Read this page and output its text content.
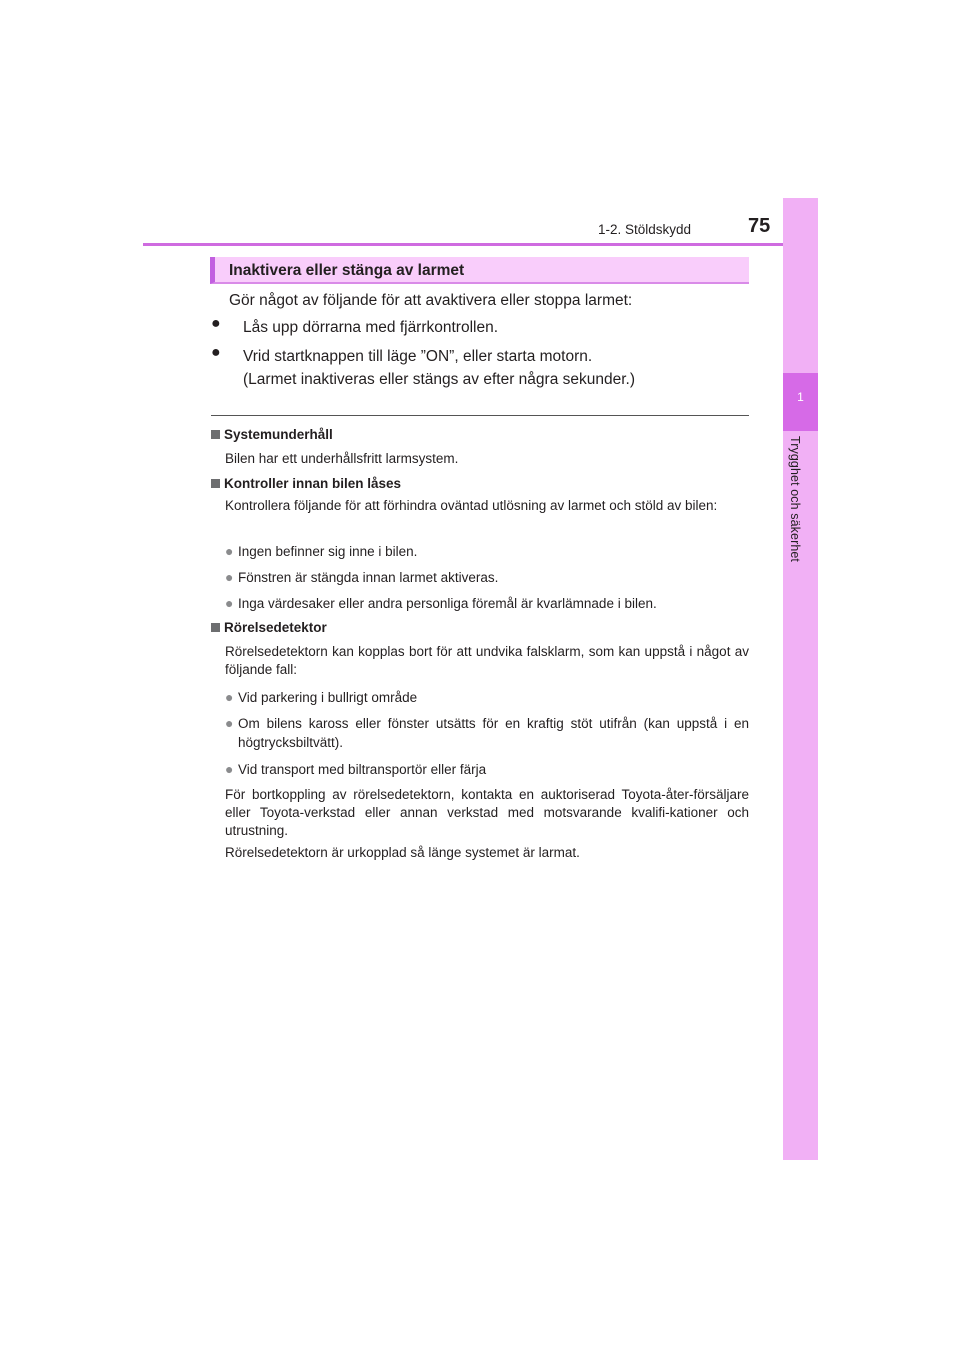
1-2. Stöldskydd	75
1
Trygghet och säkerhet
Inaktivera eller stänga av larmet
Gör något av följande för att avaktivera eller stoppa larmet:
● Lås upp dörrarna med fjärrkontrollen.
● Vrid startknappen till läge ”ON”, eller starta motorn.
(Larmet inaktiveras eller stängs av efter några sekunder.)
Systemunderhåll
Bilen har ett underhållsfritt larmsystem.
Kontroller innan bilen låses
Kontrollera följande för att förhindra oväntad utlösning av larmet och stöld av bilen:
● Ingen befinner sig inne i bilen.
● Fönstren är stängda innan larmet aktiveras.
● Inga värdesaker eller andra personliga föremål är kvarlämnade i bilen.
Rörelsedetektor
Rörelsedetektorn kan kopplas bort för att undvika falsklarm, som kan uppstå i något av följande fall:
● Vid parkering i bullrigt område
● Om bilens kaross eller fönster utsätts för en kraftig stöt utifrån (kan uppstå i en högtrycksbiltvätt).
● Vid transport med biltransportör eller färja
För bortkoppling av rörelsedetektorn, kontakta en auktoriserad Toyota-åter-försäljare eller Toyota-verkstad eller annan verkstad med motsvarande kvalifi-kationer och utrustning.
Rörelsedetektorn är urkopplad så länge systemet är larmat.
